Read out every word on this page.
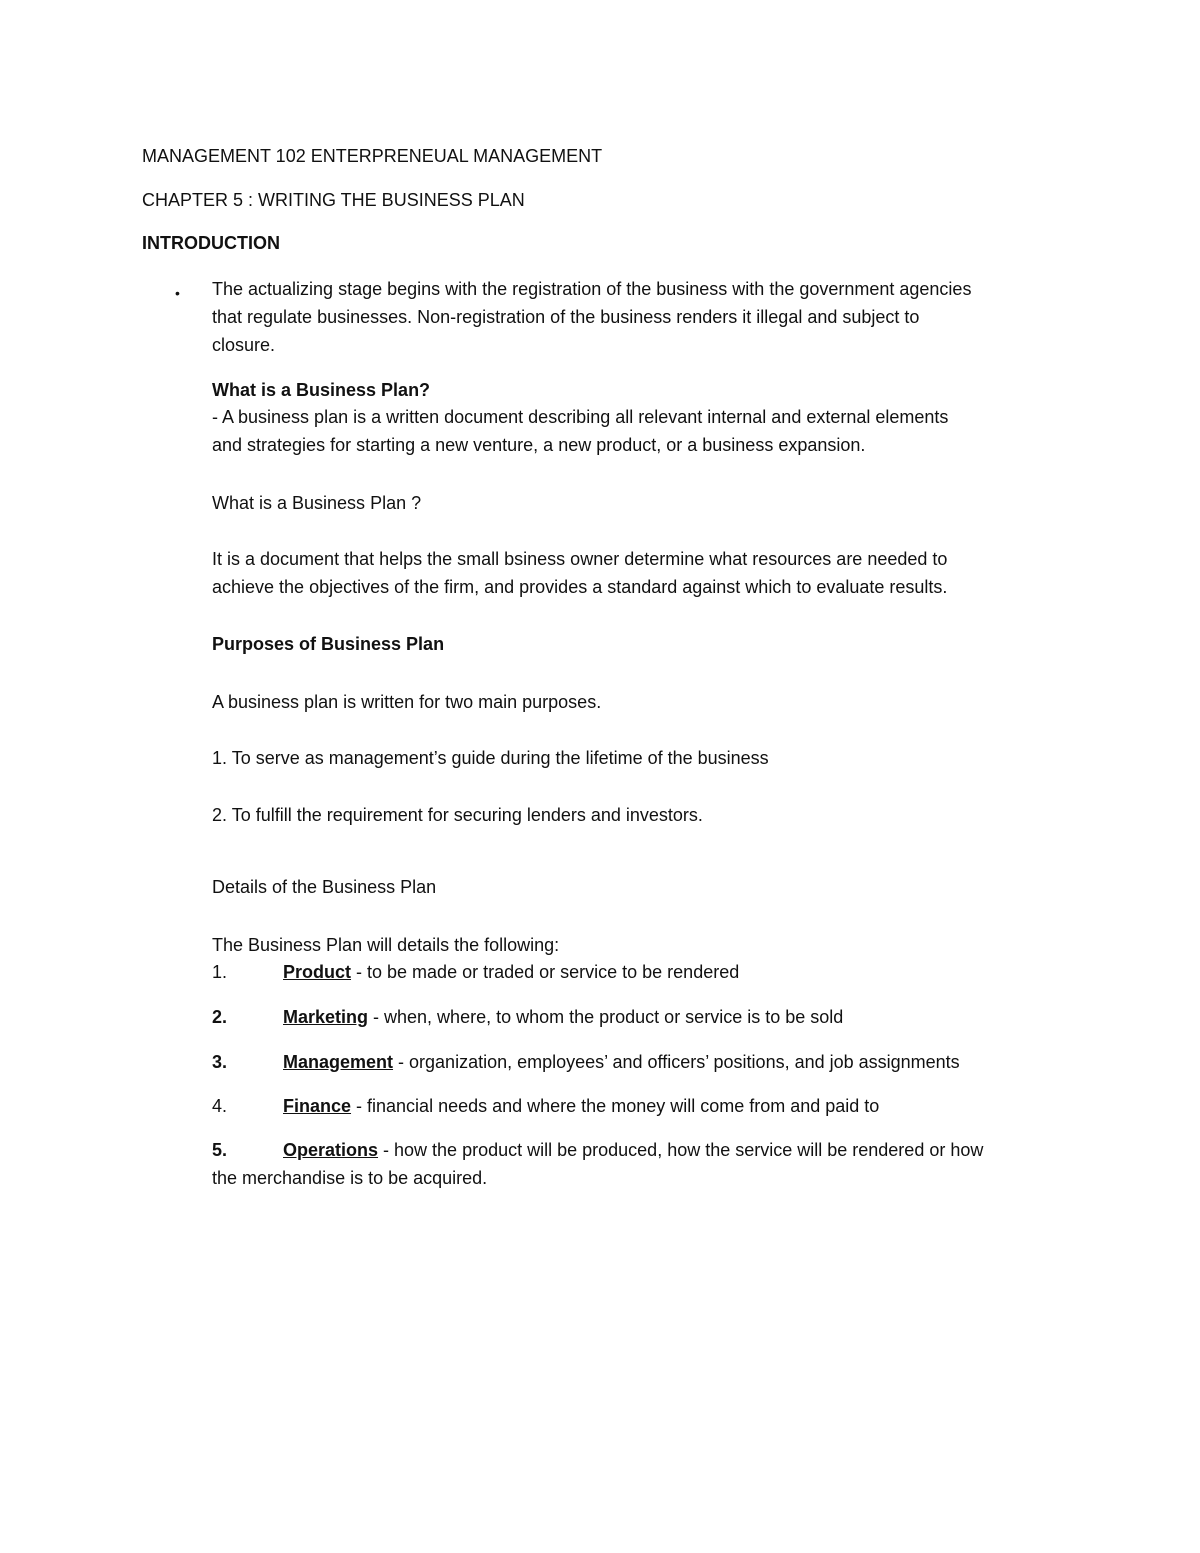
MANAGEMENT 102 ENTERPRENEUAL MANAGEMENT
CHAPTER 5 : WRITING THE BUSINESS PLAN
INTRODUCTION
• The actualizing stage begins with the registration of the business with the government agencies
that regulate businesses. Non-registration of the business renders it illegal and subject to
closure.
What is a Business Plan?
- A business plan is a written document describing all relevant internal and external elements
and strategies for starting a new venture, a new product, or a business expansion.
What is a Business Plan ?
It is a document that helps the small bsiness owner determine what resources are needed to
achieve the objectives of the firm, and provides a standard against which to evaluate results.
Purposes of Business Plan
A business plan is written for two main purposes.
1. To serve as management’s guide during the lifetime of the business
2. To fulfill the requirement for securing lenders and investors.
Details of the Business Plan
The Business Plan will details the following:
1.	Product - to be made or traded or service to be rendered
2.	Marketing - when, where, to whom the product or service is to be sold
3.	Management - organization, employees’ and officers’ positions, and job assignments
4.	Finance - financial needs and where the money will come from and paid to
5.	Operations - how the product will be produced, how the service will be rendered or how
the merchandise is to be acquired.
